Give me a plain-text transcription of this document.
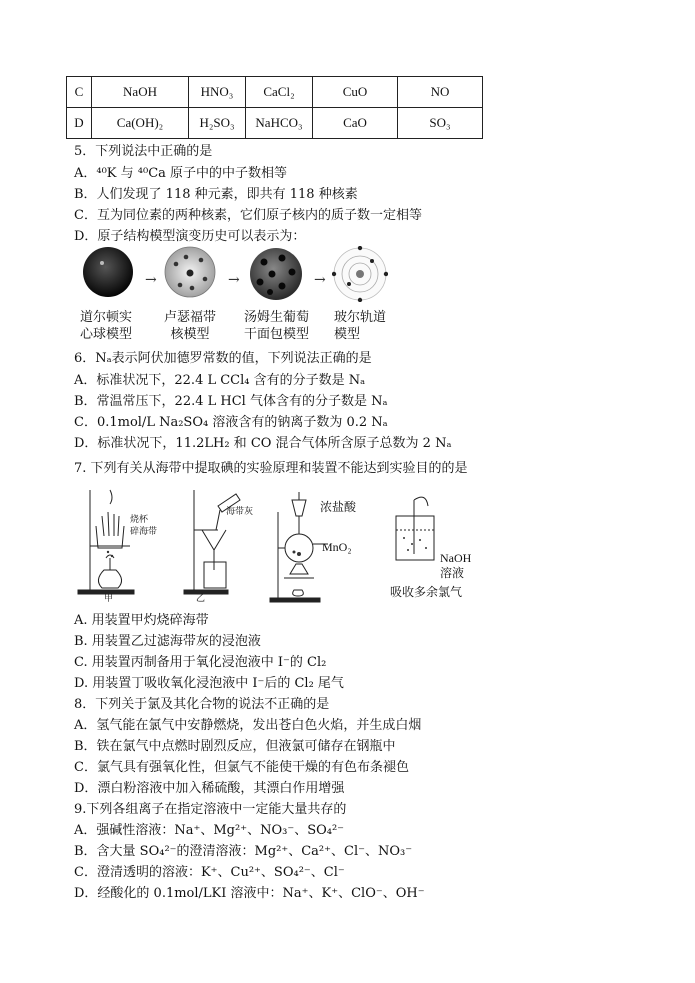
C	NaOH	HNO₃	CaCl₂	CuO	NO
D	Ca(OH)₂	H₂SO₃	NaHCO₃	CaO	SO₃
5．下列说法中正确的是
A．⁴⁰K 与 ⁴⁰Ca 原子中的中子数相等
B．人们发现了 118 种元素，即共有 118 种核素
C．互为同位素的两种核素，它们原子核内的质子数一定相等
D．原子结构模型演变历史可以表示为：
→	→	→
道尔顿实
心球模型
卢瑟福带
核模型
汤姆生葡萄
干面包模型
玻尔轨道
模型
6．Nₐ表示阿伏加德罗常数的值，下列说法正确的是
A．标准状况下，22.4 L CCl₄ 含有的分子数是 Nₐ
B．常温常压下，22.4 L HCl 气体含有的分子数是 Nₐ
C．0.1mol/L Na₂SO₄ 溶液含有的钠离子数为 0.2 Nₐ
D．标准状况下，11.2LH₂ 和 CO 混合气体所含原子总数为 2 Nₐ
7. 下列有关从海带中提取碘的实验原理和装置不能达到实验目的的是
烧杯
碎海带
海带灰
甲	乙
浓盐酸
MnO₂
NaOH
溶液
吸收多余氯气
A. 用装置甲灼烧碎海带
B. 用装置乙过滤海带灰的浸泡液
C. 用装置丙制备用于氧化浸泡液中 I⁻的 Cl₂
D. 用装置丁吸收氧化浸泡液中 I⁻后的 Cl₂ 尾气
8．下列关于氯及其化合物的说法不正确的是
A．氢气能在氯气中安静燃烧，发出苍白色火焰，并生成白烟
B．铁在氯气中点燃时剧烈反应，但液氯可储存在钢瓶中
C．氯气具有强氧化性，但氯气不能使干燥的有色布条褪色
D．漂白粉溶液中加入稀硫酸，其漂白作用增强
9.下列各组离子在指定溶液中一定能大量共存的
A．强碱性溶液：Na⁺、Mg²⁺、NO₃⁻、SO₄²⁻
B．含大量 SO₄²⁻的澄清溶液：Mg²⁺、Ca²⁺、Cl⁻、NO₃⁻
C．澄清透明的溶液：K⁺、Cu²⁺、SO₄²⁻、Cl⁻
D．经酸化的 0.1mol/LKI 溶液中：Na⁺、K⁺、ClO⁻、OH⁻
